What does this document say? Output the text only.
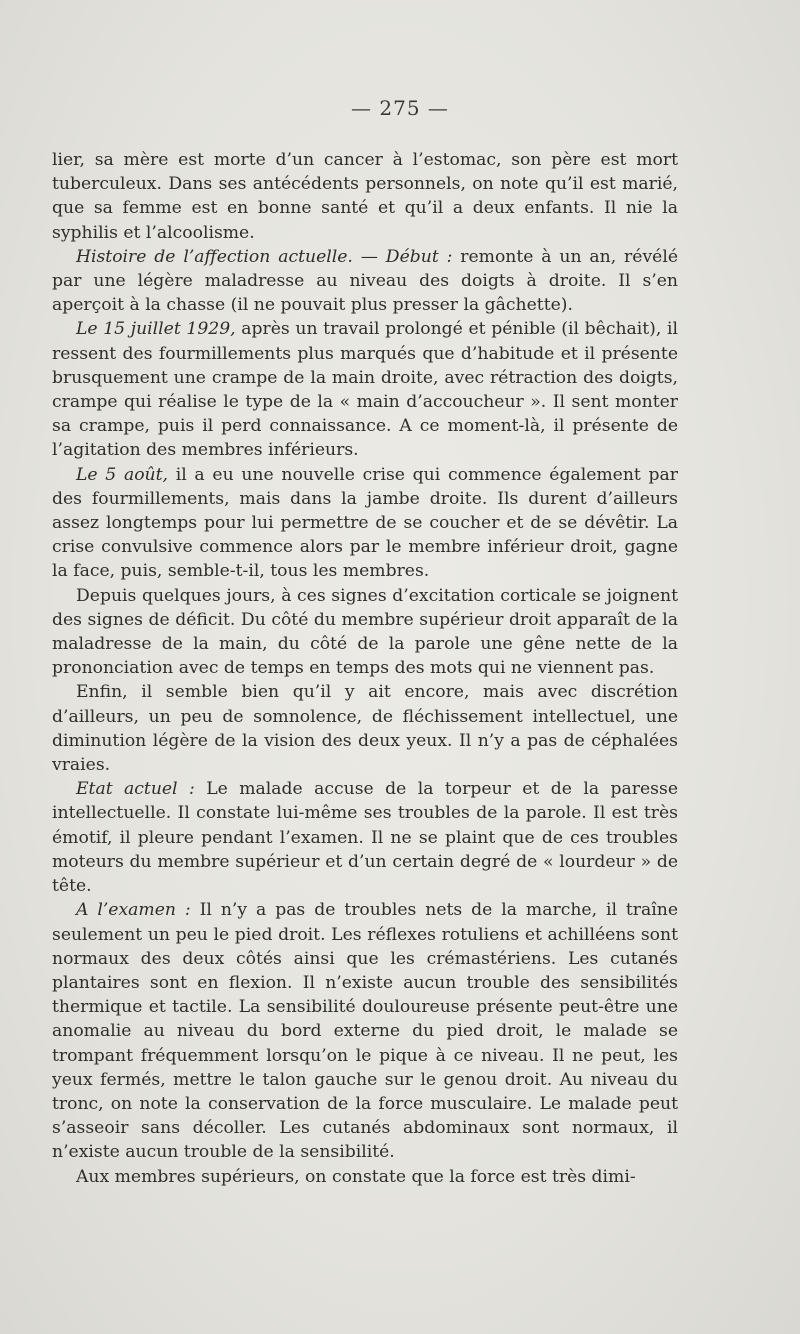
— 275 —

lier, sa mère est morte d’un cancer à l’estomac, son père est mort tuberculeux. Dans ses antécédents personnels, on note qu’il est marié, que sa femme est en bonne santé et qu’il a deux enfants. Il nie la syphilis et l’alcoolisme.

Histoire de l’affection actuelle. — Début : remonte à un an, révélé par une légère maladresse au niveau des doigts à droite. Il s’en aperçoit à la chasse (il ne pouvait plus presser la gâchette).

Le 15 juillet 1929, après un travail prolongé et pénible (il bêchait), il ressent des fourmillements plus marqués que d’habitude et il présente brusquement une crampe de la main droite, avec rétraction des doigts, crampe qui réalise le type de la « main d’accoucheur ». Il sent monter sa crampe, puis il perd connaissance. A ce moment-là, il présente de l’agitation des membres inférieurs.

Le 5 août, il a eu une nouvelle crise qui commence également par des fourmillements, mais dans la jambe droite. Ils durent d’ailleurs assez longtemps pour lui permettre de se coucher et de se dévêtir. La crise convulsive commence alors par le membre inférieur droit, gagne la face, puis, semble-t-il, tous les membres.

Depuis quelques jours, à ces signes d’excitation corticale se joignent des signes de déficit. Du côté du membre supérieur droit apparaît de la maladresse de la main, du côté de la parole une gêne nette de la prononciation avec de temps en temps des mots qui ne viennent pas.

Enfin, il semble bien qu’il y ait encore, mais avec discrétion d’ailleurs, un peu de somnolence, de fléchissement intellectuel, une diminution légère de la vision des deux yeux. Il n’y a pas de céphalées vraies.

Etat actuel : Le malade accuse de la torpeur et de la paresse intellectuelle. Il constate lui-même ses troubles de la parole. Il est très émotif, il pleure pendant l’examen. Il ne se plaint que de ces troubles moteurs du membre supérieur et d’un certain degré de « lourdeur » de tête.

A l’examen : Il n’y a pas de troubles nets de la marche, il traîne seulement un peu le pied droit. Les réflexes rotuliens et achilléens sont normaux des deux côtés ainsi que les crémastériens. Les cutanés plantaires sont en flexion. Il n’existe aucun trouble des sensibilités thermique et tactile. La sensibilité douloureuse présente peut-être une anomalie au niveau du bord externe du pied droit, le malade se trompant fréquemment lorsqu’on le pique à ce niveau. Il ne peut, les yeux fermés, mettre le talon gauche sur le genou droit. Au niveau du tronc, on note la conservation de la force musculaire. Le malade peut s’asseoir sans décoller. Les cutanés abdominaux sont normaux, il n’existe aucun trouble de la sensibilité.

Aux membres supérieurs, on constate que la force est très dimi-
